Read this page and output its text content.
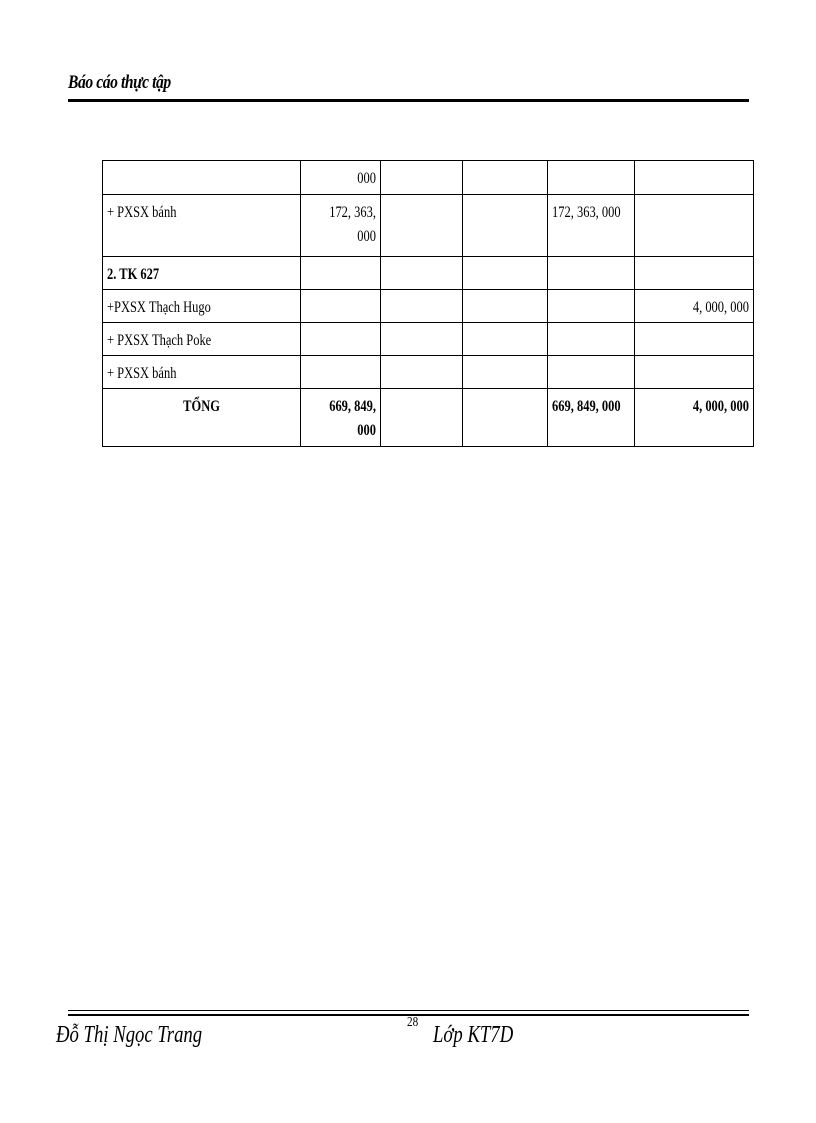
Báo cáo thực tập
	000				
+ PXSX bánh	172, 363, 000			172, 363, 000	
2. TK 627					
+PXSX Thạch Hugo					4, 000, 000
+ PXSX Thạch Poke					
+ PXSX bánh					
TỔNG	669, 849, 000			669, 849, 000	4, 000, 000
Đỗ Thị Ngọc Trang	28 Lớp KT7D
